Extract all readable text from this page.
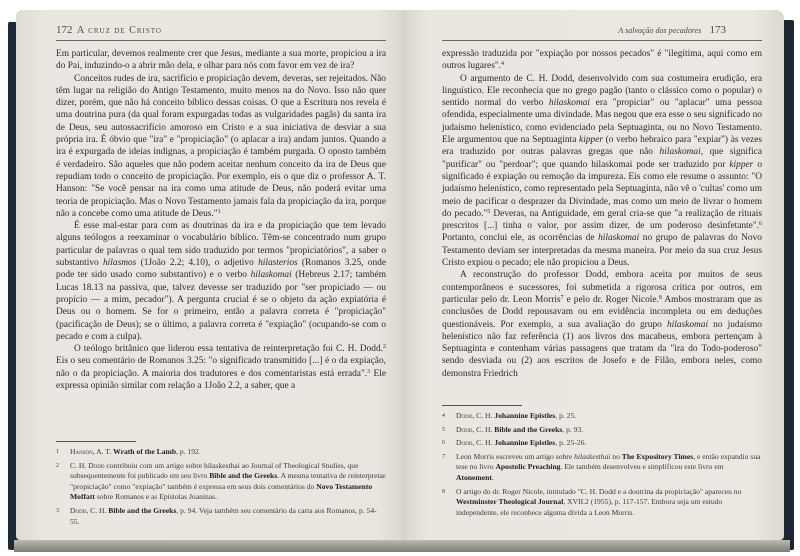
172 A cruz de Cristo

Em particular, devemos realmente crer que Jesus, mediante a sua morte, propiciou a ira do Pai, induzindo-o a abrir mão dela, e olhar para nós com favor em vez de ira?

Conceitos rudes de ira, sacrifício e propiciação devem, deveras, ser rejeitados. Não têm lugar na religião do Antigo Testamento, muito menos na do Novo. Isso não quer dizer, porém, que não há conceito bíblico dessas coisas. O que a Escritura nos revela é uma doutrina pura (da qual foram expurgadas todas as vulgaridades pagãs) da santa ira de Deus, seu autossacrifício amoroso em Cristo e a sua iniciativa de desviar a sua própria ira. É óbvio que "ira" e "propiciação" (o aplacar a ira) andam juntos. Quando a ira é expurgada de ideias indignas, a propiciação é também purgada. O oposto também é verdadeiro. São aqueles que não podem aceitar nenhum conceito da ira de Deus que repudiam todo o conceito de propiciação. Por exemplo, eis o que diz o professor A. T. Hanson: "Se você pensar na ira como uma atitude de Deus, não poderá evitar uma teoria de propiciação. Mas o Novo Testamento jamais fala da propiciação da ira, porque não a concebe como uma atitude de Deus."$^1$

É esse mal-estar para com as doutrinas da ira e da propiciação que tem levado alguns teólogos a reexaminar o vocabulário bíblico. Têm-se concentrado num grupo particular de palavras o qual tem sido traduzido por termos "propiciatórios", a saber o substantivo hilasmos (1João 2.2; 4.10), o adjetivo hilasterios (Romanos 3.25, onde pode ter sido usado como substantivo) e o verbo hilaskomai (Hebreus 2.17; também Lucas 18.13 na passiva, que, talvez devesse ser traduzido por "ser propiciado — ou propício — a mim, pecador"). A pergunta crucial é se o objeto da ação expiatória é Deus ou o homem. Se for o primeiro, então a palavra correta é "propiciação" (pacificação de Deus); se o último, a palavra correta é "expiação" (ocupando-se com o pecado e com a culpa).

O teólogo britânico que liderou essa tentativa de reinterpretação foi C. H. Dodd.$^2$ Eis o seu comentário de Romanos 3.25: "o significado transmitido [...] é o da expiação, não o da propiciação. A maioria dos tradutores e dos comentaristas está errada".$^3$ Ele expressa opinião similar com relação a 1João 2.2, a saber, que a

1 Hanson, A. T. Wrath of the Lamb, p. 192.
2 C. H. Dodd contribuiu com um artigo sobre hilaskesthai ao Journal of Theological Studies, que subsequentemente foi publicado em seu livro Bible and the Greeks. A mesma tentativa de reinterpretar "propiciação" como "expiação" também é expressa em seus dois comentários do Novo Testamento Moffatt sobre Romanos e as Epístolas Joaninas.
3 Dodd, C. H. Bible and the Greeks, p. 94. Veja também seu comentário da carta aos Romanos, p. 54-55.
A salvação dos pecadores 173

expressão traduzida por "expiação por nossos pecados" é "ilegítima, aqui como em outros lugares".$^4$

O argumento de C. H. Dodd, desenvolvido com sua costumeira erudição, era linguístico. Ele reconhecia que no grego pagão (tanto o clássico como o popular) o sentido normal do verbo hilaskomai era "propiciar" ou "aplacar" uma pessoa ofendida, especialmente uma divindade. Mas negou que era esse o seu significado no judaísmo helenístico, como evidenciado pela Septuaginta, ou no Novo Testamento. Ele argumentou que na Septuaginta kipper (o verbo hebraico para "expiar") às vezes era traduzido por outras palavras gregas que não hilaskomai, que significa "purificar" ou "perdoar"; que quando hilaskomai pode ser traduzido por kipper o significado é expiação ou remoção da impureza. Eis como ele resume o assunto: "O judaísmo helenístico, como representado pela Septuaginta, não vê o 'cultas' como um meio de pacificar o desprazer da Divindade, mas como um meio de livrar o homem do pecado."$^5$ Deveras, na Antiguidade, em geral cria-se que "a realização de rituais prescritos [...] tinha o valor, por assim dizer, de um poderoso desinfetante".$^6$ Portanto, conclui ele, as ocorrências de hilaskomai no grupo de palavras do Novo Testamento deviam ser interpretadas da mesma maneira. Por meio da sua cruz Jesus Cristo expiou o pecado; ele não propiciou a Deus.

A reconstrução do professor Dodd, embora aceita por muitos de seus contemporâneos e sucessores, foi submetida a rigorosa crítica por outros, em particular pelo dr. Leon Morris$^7$ e pelo dr. Roger Nicole.$^8$ Ambos mostraram que as conclusões de Dodd repousavam ou em evidência incompleta ou em deduções questionáveis. Por exemplo, a sua avaliação do grupo hilaskomai no judaísmo helenístico não faz referência (1) aos livros dos macabeus, embora pertençam à Septuaginta e contenham várias passagens que tratam da "ira do Todo-poderoso" sendo desviada ou (2) aos escritos de Josefo e de Filão, embora neles, como demonstra Friedrich

4 Dodd, C. H. Johannine Epistles, p. 25.
5 Dodd, C. H. Bible and the Greeks, p. 93.
6 Dodd, C. H. Johannine Epistles, p. 25-26.
7 Leon Morris escreveu um artigo sobre hilaskesthai no The Expository Times, e então expandiu sua tese no livro Apostolic Preaching. Ele também desenvolveu e simplificou este livro em Atonement.
8 O artigo do dr. Roger Nicole, intitulado "C. H. Dodd e a doutrina da propiciação" apareceu no Westminster Theological Journal, XVII.2 (1955), p. 117-157. Embora seja um estudo independente, ele reconhece alguma dívida a Leon Morris.
